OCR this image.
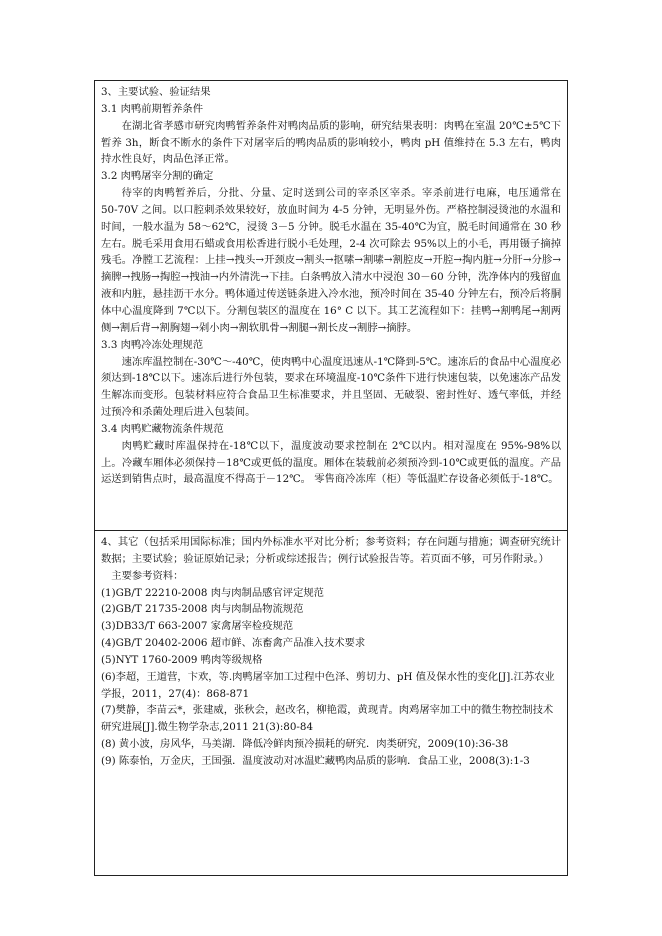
3、主要试验、验证结果
3.1 肉鸭前期暂养条件
在湖北省孝感市研究肉鸭暂养条件对鸭肉品质的影响，研究结果表明：肉鸭在室温 20℃±5℃下暂养 3h，断食不断水的条件下对屠宰后的鸭肉品质的影响较小，鸭肉 pH 值维持在 5.3 左右，鸭肉持水性良好，肉品色泽正常。
3.2 肉鸭屠宰分割的确定
待宰的肉鸭暂养后，分批、分量、定时送到公司的宰杀区宰杀。宰杀前进行电麻，电压通常在 50-70V 之间。以口腔刺杀效果较好，放血时间为 4-5 分钟，无明显外伤。严格控制浸烫池的水温和时间，一般水温为 58～62℃，浸烫 3－5 分钟。脱毛水温在 35-40℃为宜，脱毛时间通常在 30 秒左右。脱毛采用食用石蜡或食用松香进行脱小毛处理，2-4 次可除去 95%以上的小毛，再用镊子摘掉残毛。净膛工艺流程：上挂→拽头→开颈皮→割头→抠嗉→割嗉→割腔皮→开腔→掏内脏→分肝→分胗→摘脾→拽肠→掏腔→拽油→内外清洗→下挂。白条鸭放入清水中浸泡 30－60 分钟，洗净体内的残留血液和内脏，悬挂沥干水分。鸭体通过传送链条进入冷水池，预冷时间在 35-40 分钟左右，预冷后将胴体中心温度降到 7℃以下。分割包装区的温度在 16° C 以下。其工艺流程如下：挂鸭→割鸭尾→割两侧→割后背→割胸翅→剁小肉→割软肌骨→割腿→割长皮→割脖→摘脖。
3.3 肉鸭冷冻处理规范
速冻库温控制在-30℃～-40℃，使肉鸭中心温度迅速从-1℃降到-5℃。速冻后的食品中心温度必须达到-18℃以下。速冻后进行外包装，要求在环境温度-10℃条件下进行快速包装，以免速冻产品发生解冻而变形。包装材料应符合食品卫生标准要求，并且坚固、无破裂、密封性好、透气率低，并经过预冷和杀菌处理后进入包装间。
3.4 肉鸭贮藏物流条件规范
肉鸭贮藏时库温保持在-18℃以下，温度波动要求控制在 2℃以内。相对湿度在 95%-98%以上。冷藏车厢体必须保持－18℃或更低的温度。厢体在装载前必须预冷到-10℃或更低的温度。产品运送到销售点时，最高温度不得高于－12℃。 零售商冷冻库（柜）等低温贮存设备必须低于-18℃。
4、其它（包括采用国际标准；国内外标准水平对比分析；参考资料；存在问题与措施；调查研究统计数据；主要试验；验证原始记录；分析或综述报告；例行试验报告等。若页面不够，可另作附录。）
主要参考资料：
(1)GB/T 22210-2008 肉与肉制品感官评定规范
(2)GB/T 21735-2008 肉与肉制品物流规范
(3)DB33/T 663-2007 家禽屠宰检疫规范
(4)GB/T 20402-2006 超市鲜、冻畜禽产品准入技术要求
(5)NYT 1760-2009 鸭肉等级规格
(6)李超，王道营，卞欢，等.肉鸭屠宰加工过程中色泽、剪切力、pH 值及保水性的变化[J].江苏农业学报，2011，27(4)：868-871
(7)樊静，李苗云*，张建威，张秋会，赵改名，柳艳霞，黄现青。肉鸡屠宰加工中的微生物控制技术研究进展[J].微生物学杂志,2011 21(3):80-84
(8) 黄小波，房风华，马美湖．降低冷鲜肉预冷损耗的研究．肉类研究，2009(10):36-38
(9) 陈泰怡，万金庆，王国强．温度波动对冰温贮藏鸭肉品质的影响．食品工业，2008(3):1-3
